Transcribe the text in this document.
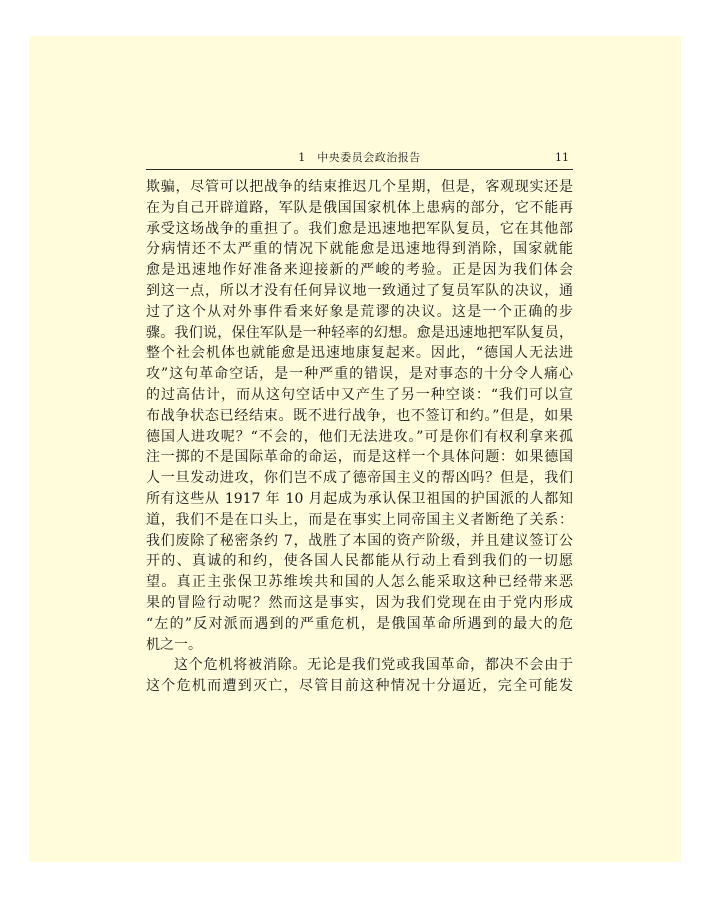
1　中央委员会政治报告	11
欺骗，尽管可以把战争的结束推迟几个星期，但是，客观现实还是
在为自己开辟道路，军队是俄国国家机体上患病的部分，它不能再
承受这场战争的重担了。我们愈是迅速地把军队复员，它在其他部
分病情还不太严重的情况下就能愈是迅速地得到消除，国家就能
愈是迅速地作好准备来迎接新的严峻的考验。正是因为我们体会
到这一点，所以才没有任何异议地一致通过了复员军队的决议，通
过了这个从对外事件看来好象是荒谬的决议。这是一个正确的步
骤。我们说，保住军队是一种轻率的幻想。愈是迅速地把军队复员，
整个社会机体也就能愈是迅速地康复起来。因此，“德国人无法进
攻”这句革命空话，是一种严重的错误，是对事态的十分令人痛心
的过高估计，而从这句空话中又产生了另一种空谈：“我们可以宣
布战争状态已经结束。既不进行战争，也不签订和约。”但是，如果
德国人进攻呢？“不会的，他们无法进攻。”可是你们有权利拿来孤
注一掷的不是国际革命的命运，而是这样一个具体问题：如果德国
人一旦发动进攻，你们岂不成了德帝国主义的帮凶吗？但是，我们
所有这些从 1917 年 10 月起成为承认保卫祖国的护国派的人都知
道，我们不是在口头上，而是在事实上同帝国主义者断绝了关系：
我们废除了秘密条约 7，战胜了本国的资产阶级，并且建议签订公
开的、真诚的和约，使各国人民都能从行动上看到我们的一切愿
望。真正主张保卫苏维埃共和国的人怎么能采取这种已经带来恶
果的冒险行动呢？然而这是事实，因为我们党现在由于党内形成
“左的”反对派而遇到的严重危机，是俄国革命所遇到的最大的危
机之一。
这个危机将被消除。无论是我们党或我国革命，都决不会由于
这个危机而遭到灭亡，尽管目前这种情况十分逼近，完全可能发
